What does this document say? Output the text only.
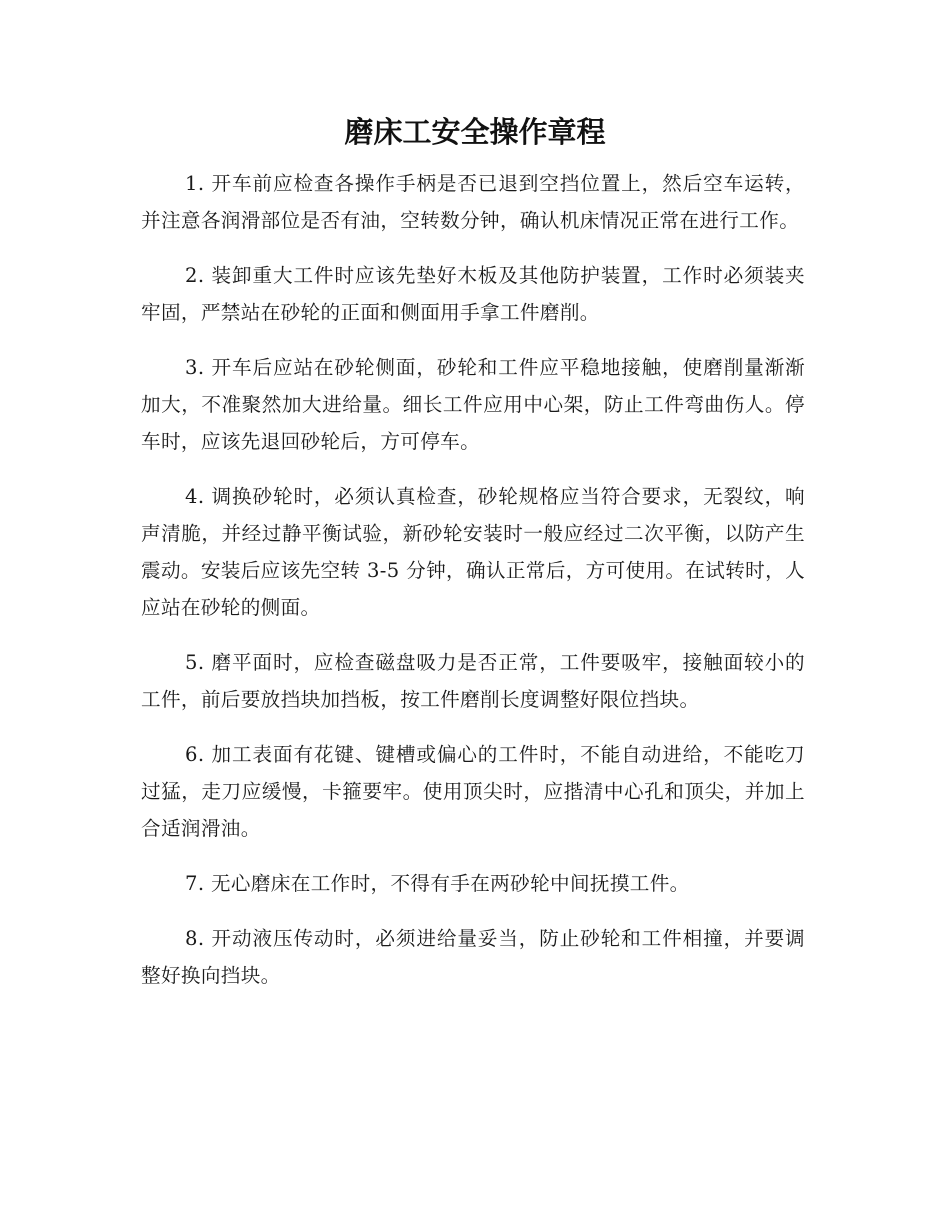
磨床工安全操作章程

1. 开车前应检查各操作手柄是否已退到空挡位置上，然后空车运转，并注意各润滑部位是否有油，空转数分钟，确认机床情况正常在进行工作。

2. 装卸重大工件时应该先垫好木板及其他防护装置，工作时必须装夹牢固，严禁站在砂轮的正面和侧面用手拿工件磨削。

3. 开车后应站在砂轮侧面，砂轮和工件应平稳地接触，使磨削量渐渐加大，不准聚然加大进给量。细长工件应用中心架，防止工件弯曲伤人。停车时，应该先退回砂轮后，方可停车。

4. 调换砂轮时，必须认真检查，砂轮规格应当符合要求，无裂纹，响声清脆，并经过静平衡试验，新砂轮安装时一般应经过二次平衡，以防产生震动。安装后应该先空转 3-5 分钟，确认正常后，方可使用。在试转时，人应站在砂轮的侧面。

5. 磨平面时，应检查磁盘吸力是否正常，工件要吸牢，接触面较小的工件，前后要放挡块加挡板，按工件磨削长度调整好限位挡块。

6. 加工表面有花键、键槽或偏心的工件时，不能自动进给，不能吃刀过猛，走刀应缓慢，卡箍要牢。使用顶尖时，应揩清中心孔和顶尖，并加上合适润滑油。

7. 无心磨床在工作时，不得有手在两砂轮中间抚摸工件。

8. 开动液压传动时，必须进给量妥当，防止砂轮和工件相撞，并要调整好换向挡块。
